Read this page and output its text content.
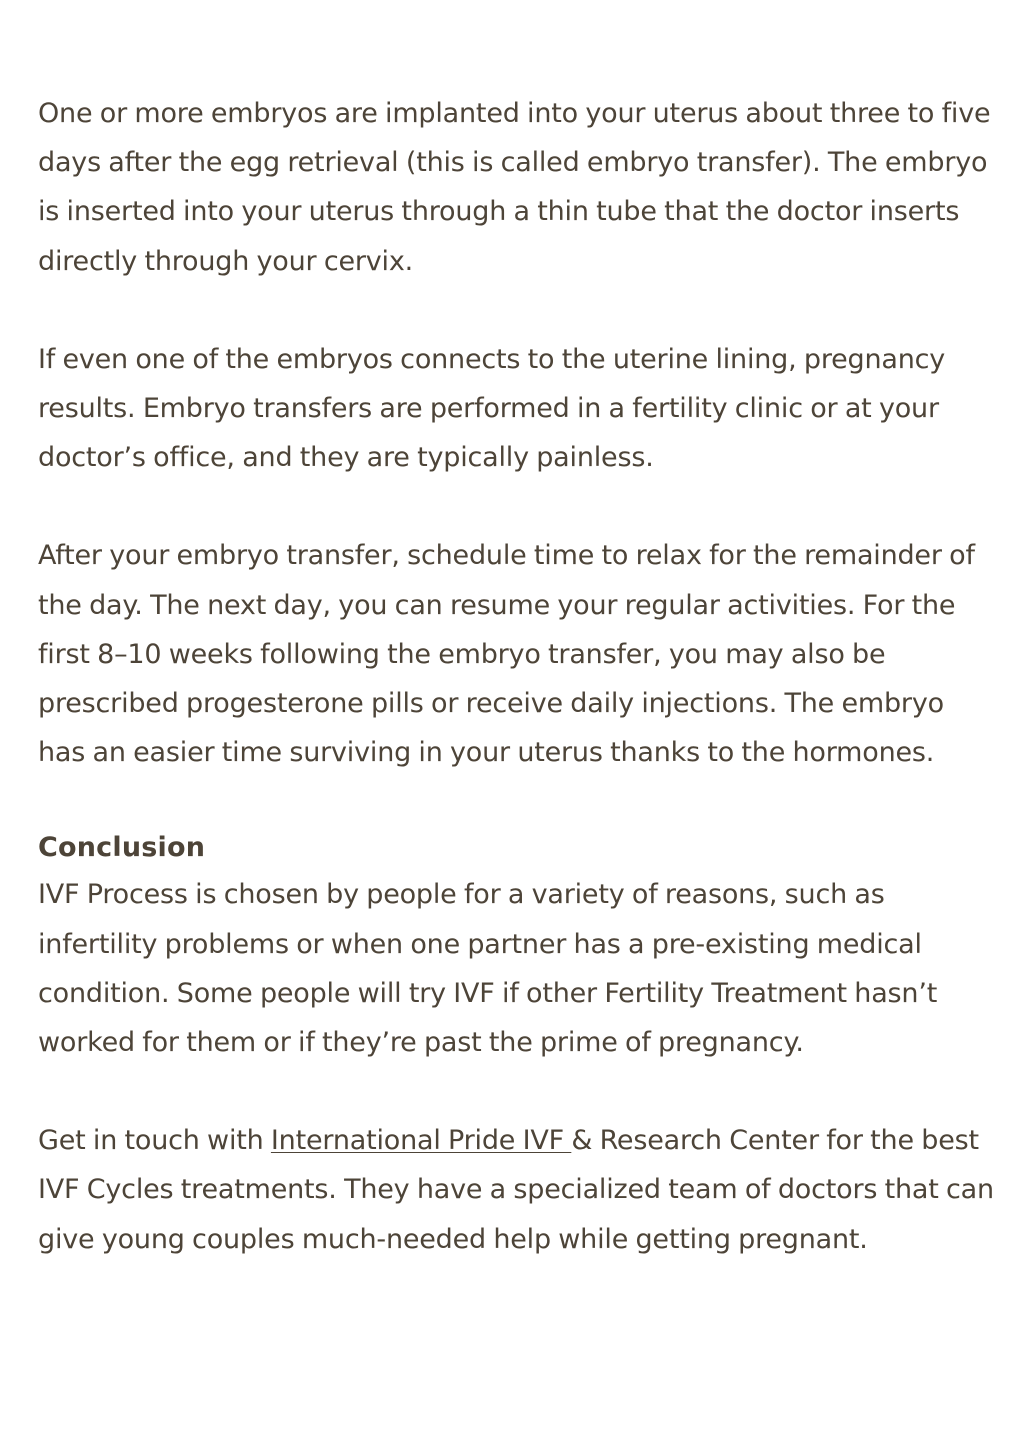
One or more embryos are implanted into your uterus about three to five days after the egg retrieval (this is called embryo transfer). The embryo is inserted into your uterus through a thin tube that the doctor inserts directly through your cervix.

If even one of the embryos connects to the uterine lining, pregnancy results. Embryo transfers are performed in a fertility clinic or at your doctor’s office, and they are typically painless.

After your embryo transfer, schedule time to relax for the remainder of the day. The next day, you can resume your regular activities. For the first 8–10 weeks following the embryo transfer, you may also be prescribed progesterone pills or receive daily injections. The embryo has an easier time surviving in your uterus thanks to the hormones.

Conclusion

IVF Process is chosen by people for a variety of reasons, such as infertility problems or when one partner has a pre-existing medical condition. Some people will try IVF if other Fertility Treatment hasn’t worked for them or if they’re past the prime of pregnancy.

Get in touch with International Pride IVF & Research Center for the best IVF Cycles treatments. They have a specialized team of doctors that can give young couples much-needed help while getting pregnant.
